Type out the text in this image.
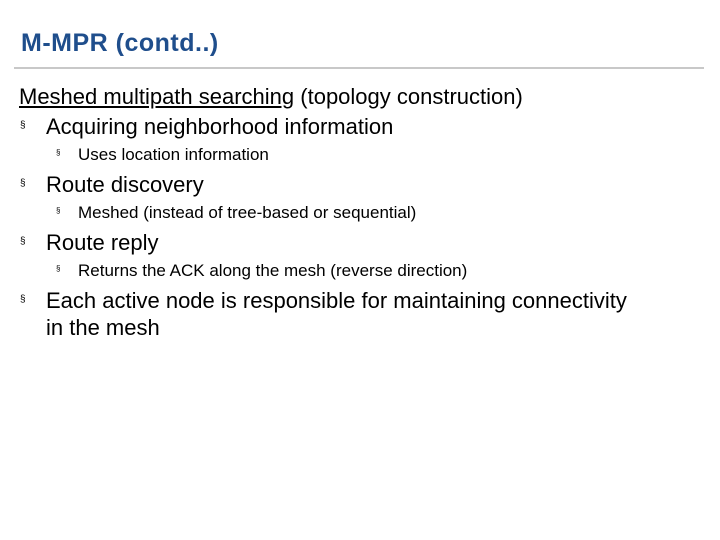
M-MPR (contd..)
Meshed multipath searching (topology construction)
§ Acquiring neighborhood information
§ Uses location information
§ Route discovery
§ Meshed (instead of tree-based or sequential)
§ Route reply
§ Returns the ACK along the mesh (reverse direction)
§ Each active node is responsible for maintaining connectivity
in the mesh
